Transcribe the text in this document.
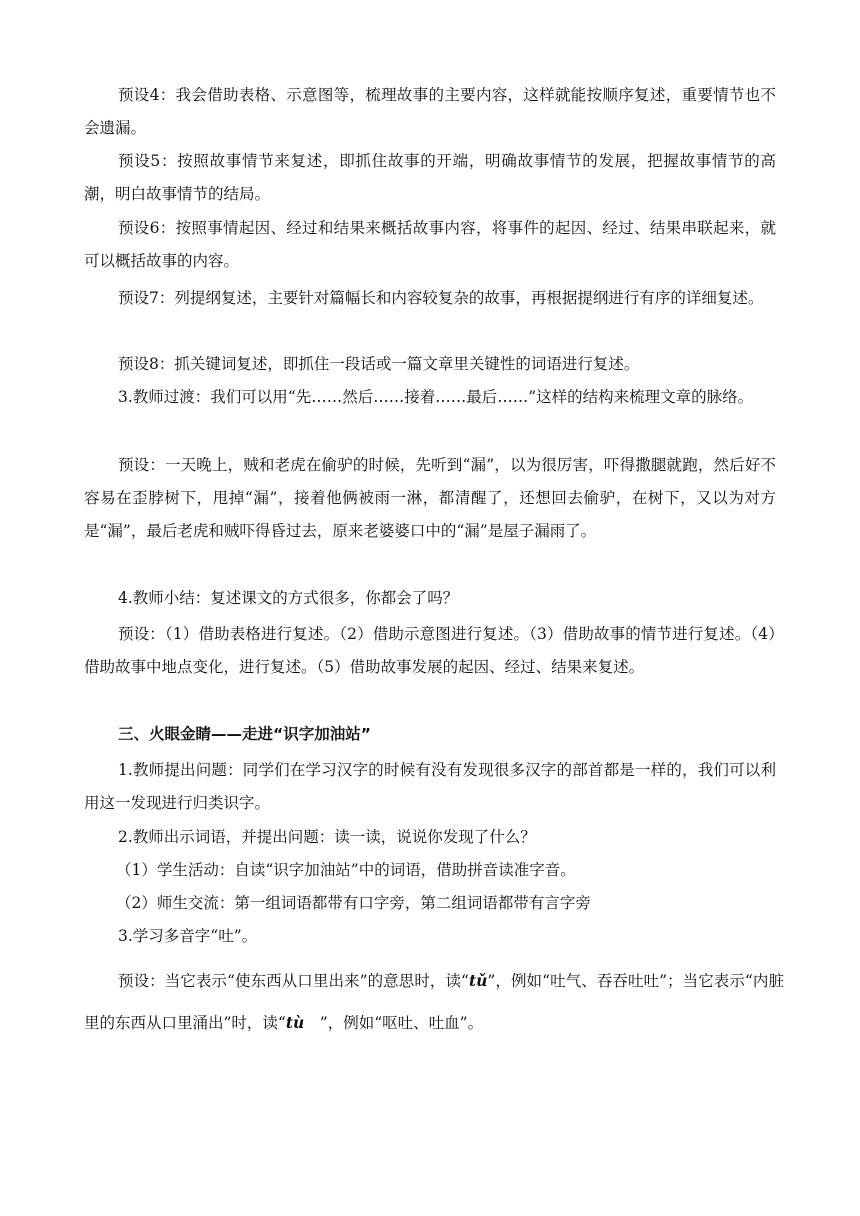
预设4：我会借助表格、示意图等，梳理故事的主要内容，这样就能按顺序复述，重要情节也不会遗漏。

预设5：按照故事情节来复述，即抓住故事的开端，明确故事情节的发展，把握故事情节的高潮，明白故事情节的结局。

预设6：按照事情起因、经过和结果来概括故事内容，将事件的起因、经过、结果串联起来，就可以概括故事的内容。

预设7：列提纲复述，主要针对篇幅长和内容较复杂的故事，再根据提纲进行有序的详细复述。

预设8：抓关键词复述，即抓住一段话或一篇文章里关键性的词语进行复述。

3.教师过渡：我们可以用“先……然后……接着……最后……”这样的结构来梳理文章的脉络。

预设：一天晚上，贼和老虎在偷驴的时候，先听到“漏”，以为很厉害，吓得撒腿就跑，然后好不容易在歪脖树下，甩掉“漏”，接着他俩被雨一淋，都清醒了，还想回去偷驴，在树下，又以为对方是“漏”，最后老虎和贼吓得昏过去，原来老婆婆口中的“漏”是屋子漏雨了。

4.教师小结：复述课文的方式很多，你都会了吗？

预设：（1）借助表格进行复述。（2）借助示意图进行复述。（3）借助故事的情节进行复述。（4）借助故事中地点变化，进行复述。（5）借助故事发展的起因、经过、结果来复述。

三、火眼金睛——走进“识字加油站”

1.教师提出问题：同学们在学习汉字的时候有没有发现很多汉字的部首都是一样的，我们可以利用这一发现进行归类识字。

2.教师出示词语，并提出问题：读一读，说说你发现了什么？

（1）学生活动：自读“识字加油站”中的词语，借助拼音读准字音。

（2）师生交流：第一组词语都带有口字旁，第二组词语都带有言字旁

3.学习多音字“吐”。

预设：当它表示“使东西从口里出来”的意思时，读“tǔ”，例如“吐气、吞吞吐吐”；当它表示“内脏里的东西从口里涌出”时，读“tù　”，例如“呕吐、吐血”。
